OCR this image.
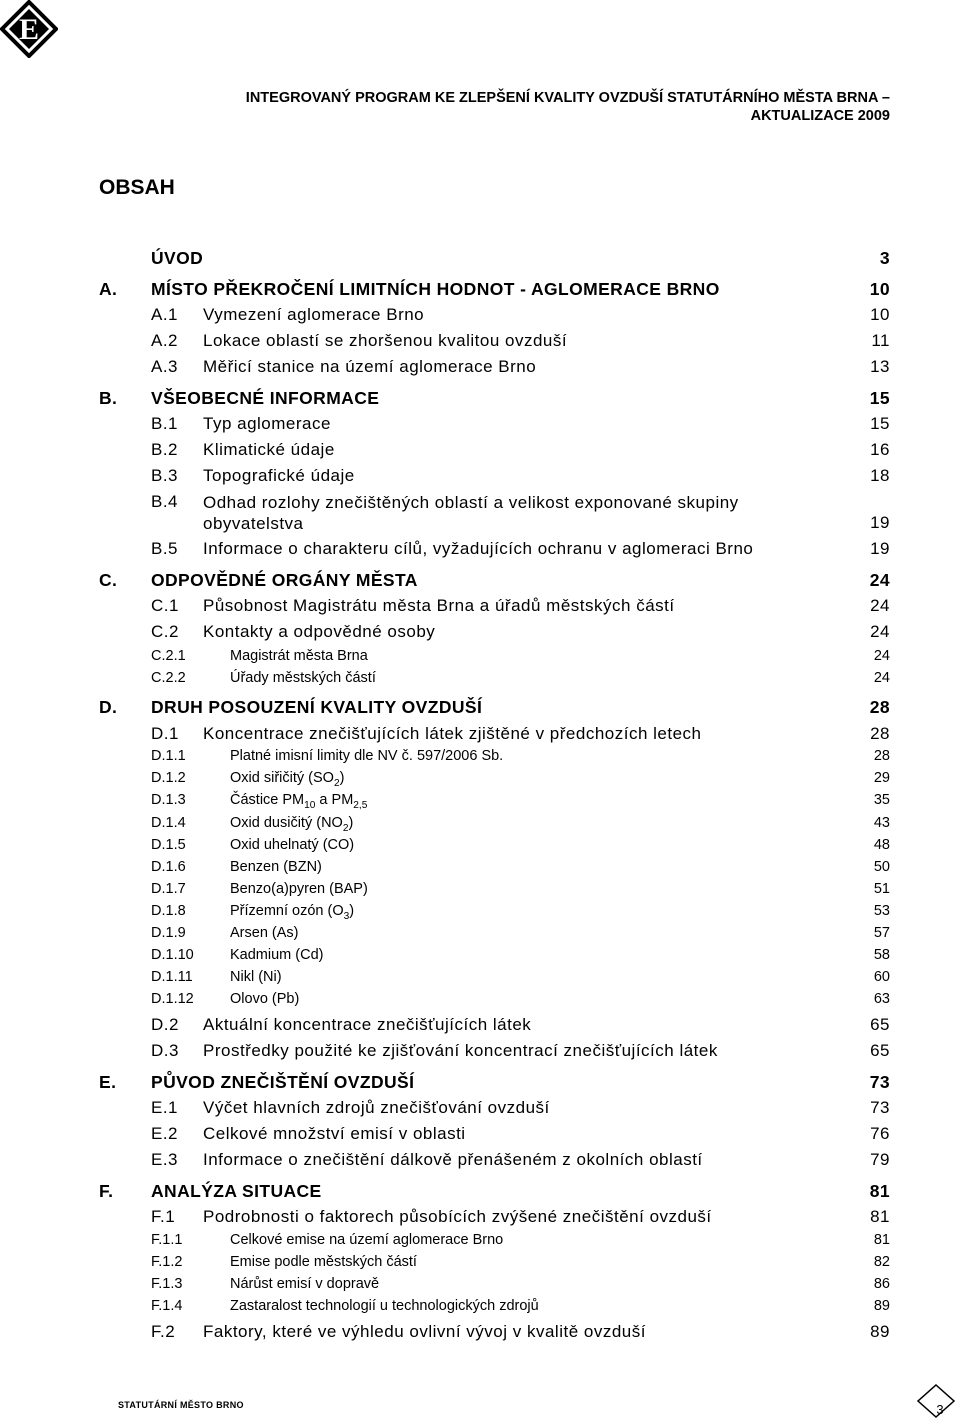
E
INTEGROVANÝ PROGRAM KE ZLEPŠENÍ KVALITY OVZDUŠÍ STATUTÁRNÍHO MĚSTA BRNA –
AKTUALIZACE 2009
OBSAH
ÚVOD	3
A. MÍSTO PŘEKROČENÍ LIMITNÍCH HODNOT - AGLOMERACE BRNO	10
A.1 Vymezení aglomerace Brno	10
A.2 Lokace oblastí se zhoršenou kvalitou ovzduší	11
A.3 Měřicí stanice na území aglomerace Brno	13
B. VŠEOBECNÉ INFORMACE	15
B.1 Typ aglomerace	15
B.2 Klimatické údaje	16
B.3 Topografické údaje	18
B.4 Odhad rozlohy znečištěných oblastí a velikost exponované skupiny obyvatelstva	19
B.5 Informace o charakteru cílů, vyžadujících ochranu v aglomeraci Brno	19
C. ODPOVĚDNÉ ORGÁNY MĚSTA	24
C.1 Působnost Magistrátu města Brna a úřadů městských částí	24
C.2 Kontakty a odpovědné osoby	24
C.2.1	Magistrát města Brna	24
C.2.2	Úřady městských částí	24
D. DRUH POSOUZENÍ KVALITY OVZDUŠÍ	28
D.1 Koncentrace znečišťujících látek zjištěné v předchozích letech	28
D.1.1	Platné imisní limity dle NV č. 597/2006 Sb.	28
D.1.2	Oxid siřičitý $(SO_2)$	29
D.1.3	Částice $PM_{10}$ a $PM_{2,5}$	35
D.1.4	Oxid dusičitý $(NO_2)$	43
D.1.5	Oxid uhelnatý (CO)	48
D.1.6	Benzen (BZN)	50
D.1.7	Benzo(a)pyren (BAP)	51
D.1.8	Přízemní ozón $(O_3)$	53
D.1.9	Arsen (As)	57
D.1.10	Kadmium (Cd)	58
D.1.11	Nikl (Ni)	60
D.1.12	Olovo (Pb)	63
D.2 Aktuální koncentrace znečišťujících látek	65
D.3 Prostředky použité ke zjišťování koncentrací znečišťujících látek	65
E. PŮVOD ZNEČIŠTĚNÍ OVZDUŠÍ	73
E.1 Výčet hlavních zdrojů znečišťování ovzduší	73
E.2 Celkové množství emisí v oblasti	76
E.3 Informace o znečištění dálkově přenášeném z okolních oblastí	79
F. ANALÝZA SITUACE	81
F.1 Podrobnosti o faktorech působících zvýšené znečištění ovzduší	81
F.1.1	Celkové emise na území aglomerace Brno	81
F.1.2	Emise podle městských částí	82
F.1.3	Nárůst emisí v dopravě	86
F.1.4	Zastaralost technologií u technologických zdrojů	89
F.2 Faktory, které ve výhledu ovlivní vývoj v kvalitě ovzduší	89
STATUTÁRNÍ MĚSTO BRNO	3
